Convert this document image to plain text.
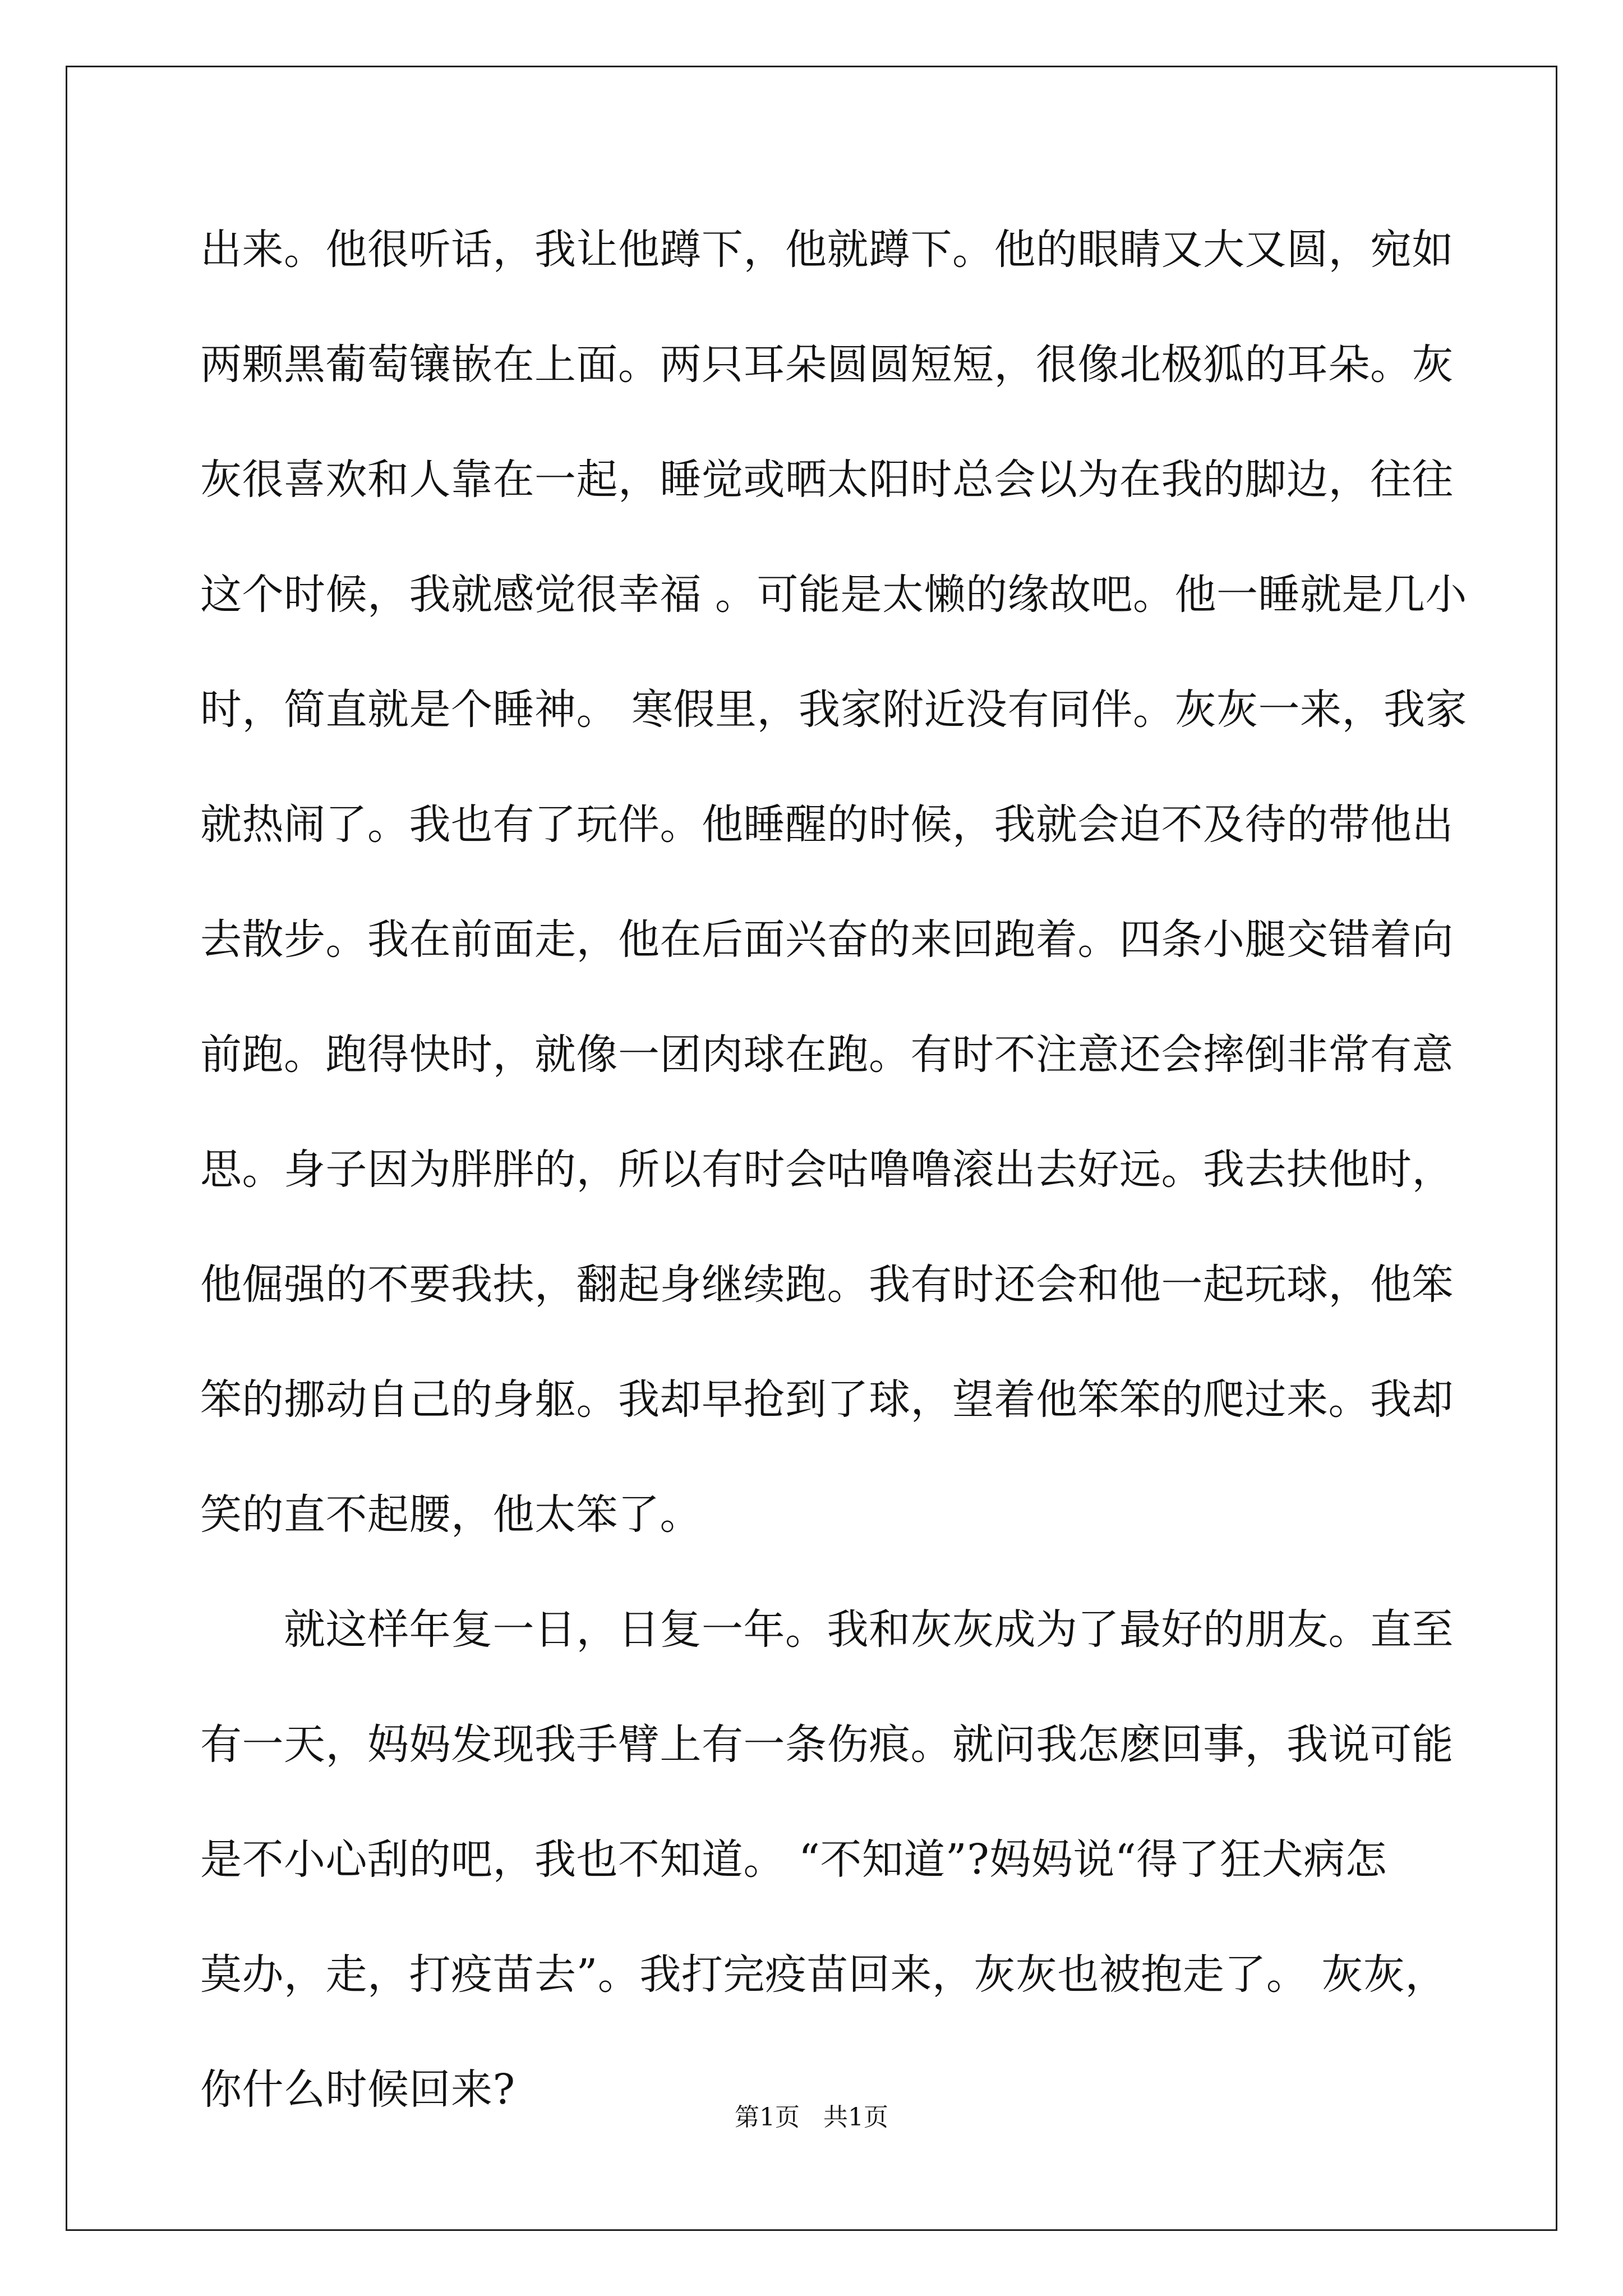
出来。他很听话，我让他蹲下，他就蹲下。他的眼睛又大又圆，宛如
两颗黑葡萄镶嵌在上面。两只耳朵圆圆短短，很像北极狐的耳朵。灰
灰很喜欢和人靠在一起，睡觉或晒太阳时总会以为在我的脚边，往往
这个时候，我就感觉很幸福 。可能是太懒的缘故吧。他一睡就是几小
时，简直就是个睡神。 寒假里，我家附近没有同伴。灰灰一来，我家
就热闹了。我也有了玩伴。他睡醒的时候，我就会迫不及待的带他出
去散步。我在前面走，他在后面兴奋的来回跑着。四条小腿交错着向
前跑。跑得快时，就像一团肉球在跑。有时不注意还会摔倒非常有意
思。身子因为胖胖的，所以有时会咕噜噜滚出去好远。我去扶他时，
他倔强的不要我扶，翻起身继续跑。我有时还会和他一起玩球，他笨
笨的挪动自己的身躯。我却早抢到了球，望着他笨笨的爬过来。我却
笑的直不起腰，他太笨了。
　　就这样年复一日，日复一年。我和灰灰成为了最好的朋友。直至
有一天，妈妈发现我手臂上有一条伤痕。就问我怎麽回事，我说可能
是不小心刮的吧，我也不知道。 “不知道”?妈妈说“得了狂犬病怎
莫办，走，打疫苗去”。我打完疫苗回来，灰灰也被抱走了。 灰灰，
你什么时候回来?
第1页   共1页
